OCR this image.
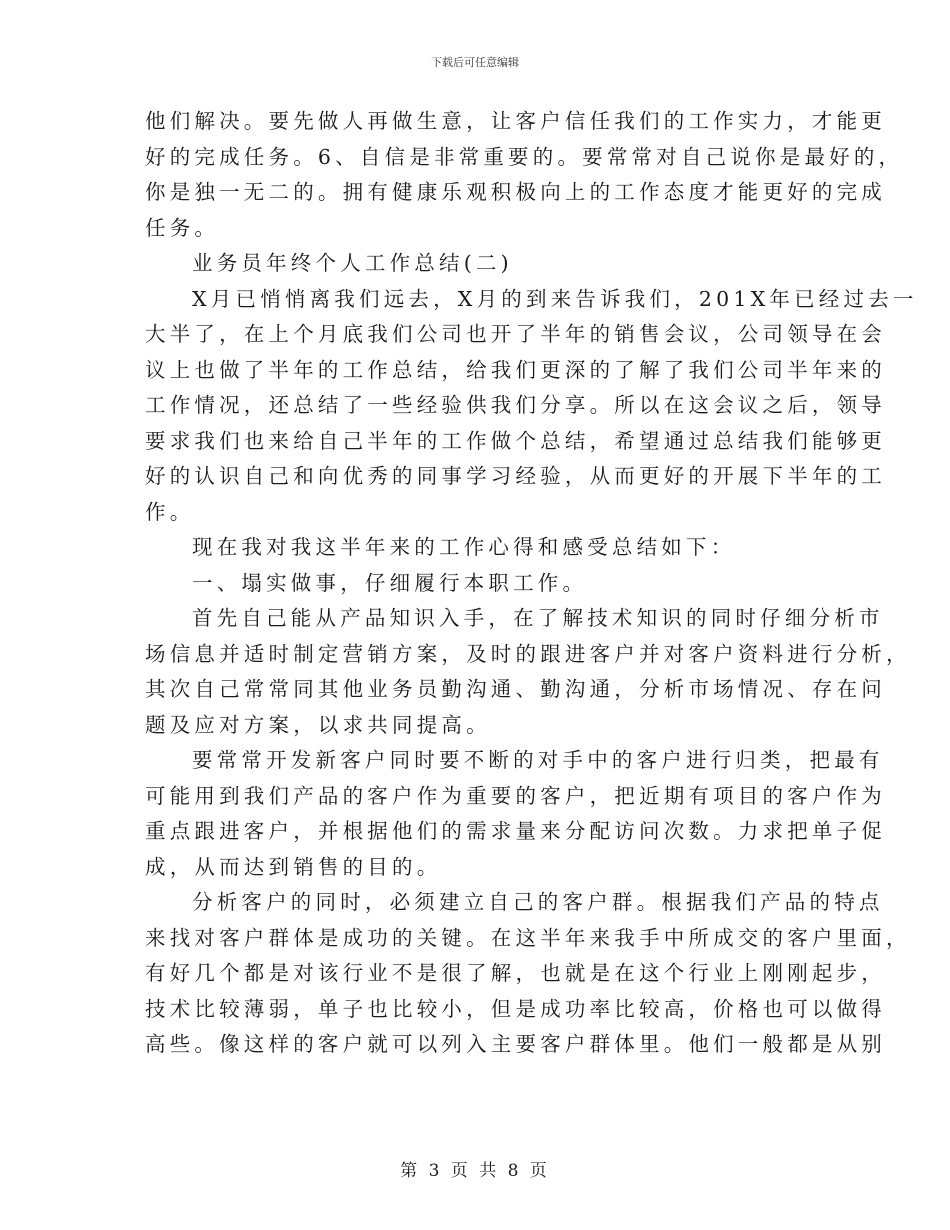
下载后可任意编辑
他们解决。要先做人再做生意，让客户信任我们的工作实力，才能更
好的完成任务。6、自信是非常重要的。要常常对自己说你是最好的，
你是独一无二的。拥有健康乐观积极向上的工作态度才能更好的完成
任务。
业务员年终个人工作总结(二)
X月已悄悄离我们远去，X月的到来告诉我们，201X年已经过去一
大半了，在上个月底我们公司也开了半年的销售会议，公司领导在会
议上也做了半年的工作总结，给我们更深的了解了我们公司半年来的
工作情况，还总结了一些经验供我们分享。所以在这会议之后，领导
要求我们也来给自己半年的工作做个总结，希望通过总结我们能够更
好的认识自己和向优秀的同事学习经验，从而更好的开展下半年的工
作。
现在我对我这半年来的工作心得和感受总结如下：
一、塌实做事，仔细履行本职工作。
首先自己能从产品知识入手，在了解技术知识的同时仔细分析市
场信息并适时制定营销方案，及时的跟进客户并对客户资料进行分析，
其次自己常常同其他业务员勤沟通、勤沟通，分析市场情况、存在问
题及应对方案，以求共同提高。
要常常开发新客户同时要不断的对手中的客户进行归类，把最有
可能用到我们产品的客户作为重要的客户，把近期有项目的客户作为
重点跟进客户，并根据他们的需求量来分配访问次数。力求把单子促
成，从而达到销售的目的。
分析客户的同时，必须建立自己的客户群。根据我们产品的特点
来找对客户群体是成功的关键。在这半年来我手中所成交的客户里面，
有好几个都是对该行业不是很了解，也就是在这个行业上刚刚起步，
技术比较薄弱，单子也比较小，但是成功率比较高，价格也可以做得
高些。像这样的客户就可以列入主要客户群体里。他们一般都是从别
第 3 页 共 8 页
